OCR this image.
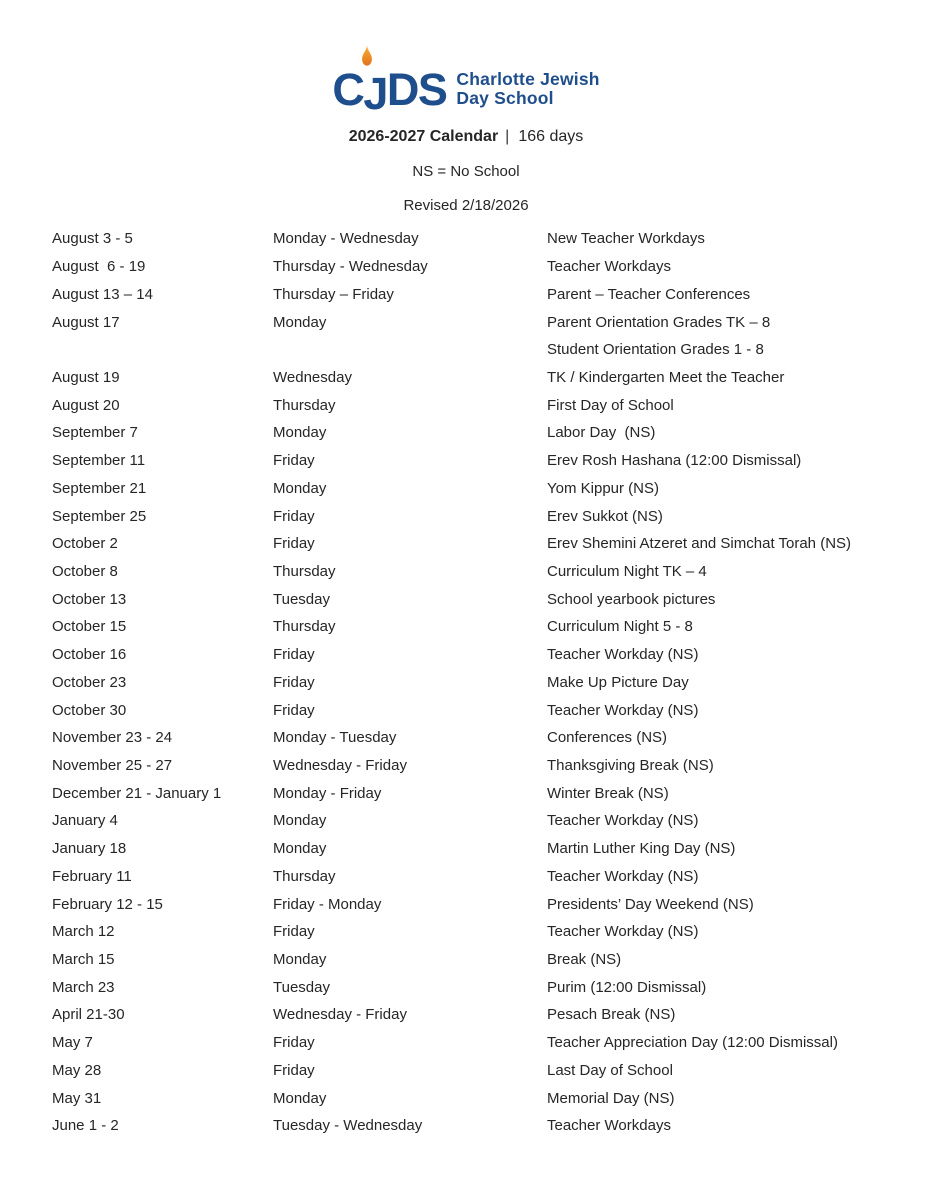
CJDS Charlotte Jewish
Day School
2026-2027 Calendar | 166 days
NS = No School
Revised 2/18/2026
August 3 - 5	Monday - Wednesday	New Teacher Workdays
August  6 - 19	Thursday - Wednesday	Teacher Workdays
August 13 – 14	Thursday – Friday	Parent – Teacher Conferences
August 17	Monday	Parent Orientation Grades TK – 8
Student Orientation Grades 1 - 8
August 19	Wednesday	TK / Kindergarten Meet the Teacher
August 20	Thursday	First Day of School
September 7	Monday	Labor Day  (NS)
September 11	Friday	Erev Rosh Hashana (12:00 Dismissal)
September 21	Monday	Yom Kippur (NS)
September 25	Friday	Erev Sukkot (NS)
October 2	Friday	Erev Shemini Atzeret and Simchat Torah (NS)
October 8	Thursday	Curriculum Night TK – 4
October 13	Tuesday	School yearbook pictures
October 15	Thursday	Curriculum Night 5 - 8
October 16	Friday	Teacher Workday (NS)
October 23	Friday	Make Up Picture Day
October 30	Friday	Teacher Workday (NS)
November 23 - 24	Monday - Tuesday	Conferences (NS)
November 25 - 27	Wednesday - Friday	Thanksgiving Break (NS)
December 21 - January 1	Monday - Friday	Winter Break (NS)
January 4	Monday	Teacher Workday (NS)
January 18	Monday	Martin Luther King Day (NS)
February 11	Thursday	Teacher Workday (NS)
February 12 - 15	Friday - Monday	Presidents’ Day Weekend (NS)
March 12	Friday	Teacher Workday (NS)
March 15	Monday	Break (NS)
March 23	Tuesday	Purim (12:00 Dismissal)
April 21-30	Wednesday - Friday	Pesach Break (NS)
May 7	Friday	Teacher Appreciation Day (12:00 Dismissal)
May 28	Friday	Last Day of School
May 31	Monday	Memorial Day (NS)
June 1 - 2	Tuesday - Wednesday	Teacher Workdays
